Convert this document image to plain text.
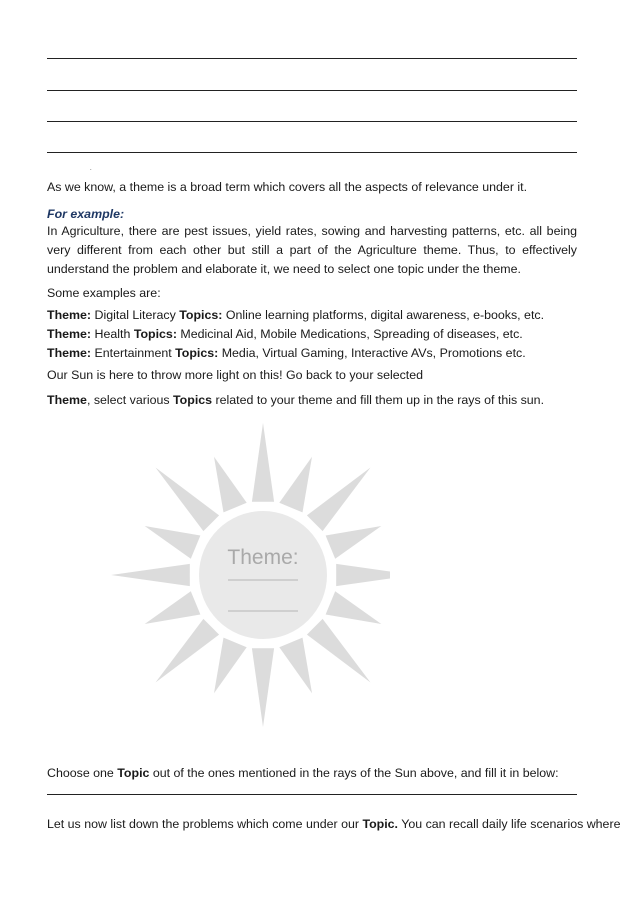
.

As we know, a theme is a broad term which covers all the aspects of relevance under it.

For example:

In Agriculture, there are pest issues, yield rates, sowing and harvesting patterns, etc. all being very different from each other but still a part of the Agriculture theme. Thus, to effectively understand the problem and elaborate it, we need to select one topic under the theme.

Some examples are:

Theme: Digital Literacy Topics: Online learning platforms, digital awareness, e-books, etc.
Theme: Health Topics: Medicinal Aid, Mobile Medications, Spreading of diseases, etc.
Theme: Entertainment Topics: Media, Virtual Gaming, Interactive AVs, Promotions etc.

Our Sun is here to throw more light on this! Go back to your selected

Theme, select various Topics related to your theme and fill them up in the rays of this sun.

Theme:

Choose one Topic out of the ones mentioned in the rays of the Sun above, and fill it in below:

Let us now list down the problems which come under our Topic. You can recall daily life scenarios where
